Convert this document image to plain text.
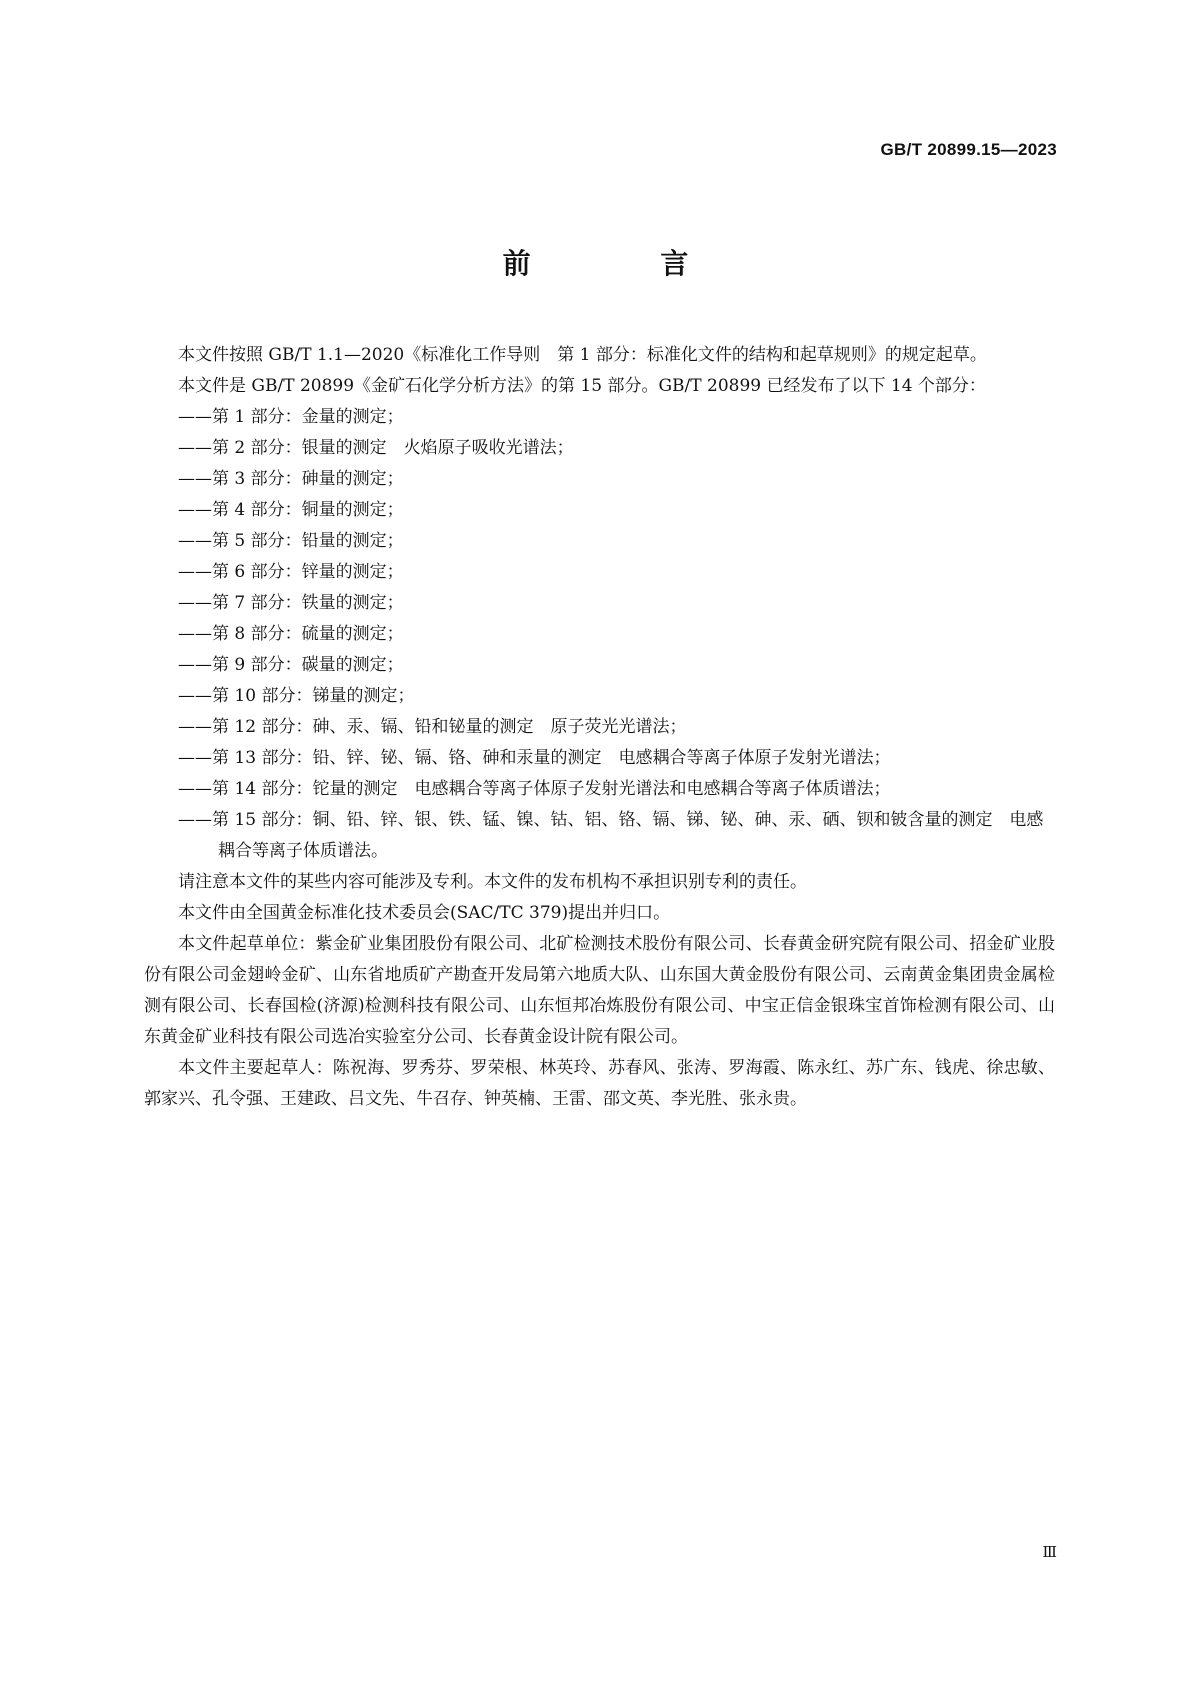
GB/T 20899.15—2023
前 言

本文件按照 GB/T 1.1—2020《标准化工作导则　第 1 部分：标准化文件的结构和起草规则》的规定起草。

本文件是 GB/T 20899《金矿石化学分析方法》的第 15 部分。GB/T 20899 已经发布了以下 14 个部分：

——第 1 部分：金量的测定；
——第 2 部分：银量的测定　火焰原子吸收光谱法；
——第 3 部分：砷量的测定；
——第 4 部分：铜量的测定；
——第 5 部分：铅量的测定；
——第 6 部分：锌量的测定；
——第 7 部分：铁量的测定；
——第 8 部分：硫量的测定；
——第 9 部分：碳量的测定；
——第 10 部分：锑量的测定；
——第 12 部分：砷、汞、镉、铅和铋量的测定　原子荧光光谱法；
——第 13 部分：铅、锌、铋、镉、铬、砷和汞量的测定　电感耦合等离子体原子发射光谱法；
——第 14 部分：铊量的测定　电感耦合等离子体原子发射光谱法和电感耦合等离子体质谱法；
——第 15 部分：铜、铅、锌、银、铁、锰、镍、钴、铝、铬、镉、锑、铋、砷、汞、硒、钡和铍含量的测定　电感耦合等离子体质谱法。

请注意本文件的某些内容可能涉及专利。本文件的发布机构不承担识别专利的责任。

本文件由全国黄金标准化技术委员会(SAC/TC 379)提出并归口。

本文件起草单位：紫金矿业集团股份有限公司、北矿检测技术股份有限公司、长春黄金研究院有限公司、招金矿业股份有限公司金翅岭金矿、山东省地质矿产勘查开发局第六地质大队、山东国大黄金股份有限公司、云南黄金集团贵金属检测有限公司、长春国检(济源)检测科技有限公司、山东恒邦冶炼股份有限公司、中宝正信金银珠宝首饰检测有限公司、山东黄金矿业科技有限公司选冶实验室分公司、长春黄金设计院有限公司。

本文件主要起草人：陈祝海、罗秀芬、罗荣根、林英玲、苏春风、张涛、罗海霞、陈永红、苏广东、钱虎、徐忠敏、郭家兴、孔令强、王建政、吕文先、牛召存、钟英楠、王雷、邵文英、李光胜、张永贵。

Ⅲ
